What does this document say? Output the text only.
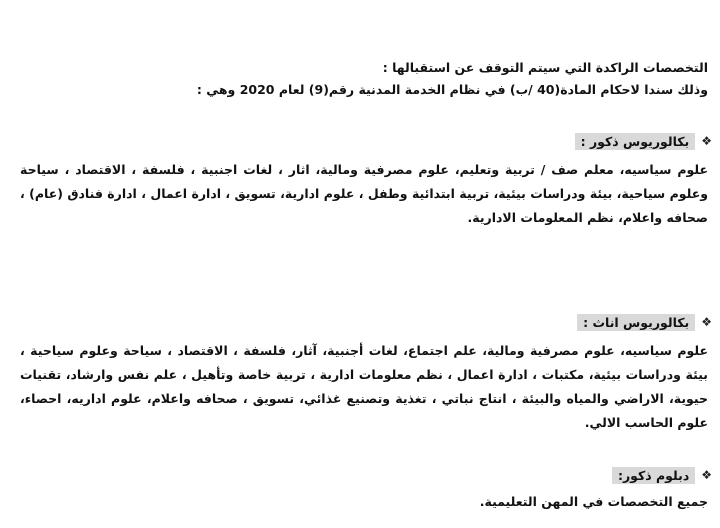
التخصصات الراكدة التي سيتم التوقف عن استقبالها :
وذلك سندا لاحكام المادة(40 /ب) في نظام الخدمة المدنية رقم(9) لعام 2020 وهي :
❖
بكالوريوس ذكور :
علوم سياسيه، معلم صف / تربية وتعليم، علوم مصرفية ومالية، اثار ، لغات اجنبية ، فلسفة ، الاقتصاد ، سياحة وعلوم سياحية، بيئة ودراسات بيئية، تربية ابتدائية وطفل ، علوم ادارية، تسويق ، ادارة اعمال ، ادارة فنادق (عام) ، صحافه واعلام، نظم المعلومات الادارية.
❖
بكالوريوس اناث :
علوم سياسيه، علوم مصرفية ومالية، علم اجتماع، لغات أجنبية، آثار، فلسفة ، الاقتصاد ، سياحة وعلوم سياحية ، بيئة ودراسات بيئية، مكتبات ، ادارة اعمال ، نظم معلومات ادارية ، تربية خاصة وتأهيل ، علم نفس وارشاد، تقنيات حيوية، الاراضي والمياه والبيئة ، انتاج نباتي ، تغذية وتصنيع غذائي، تسويق ، صحافه واعلام، علوم اداريه، احصاء، علوم الحاسب الالي.
❖
دبلوم ذكور:
جميع التخصصات في المهن التعليمية.
